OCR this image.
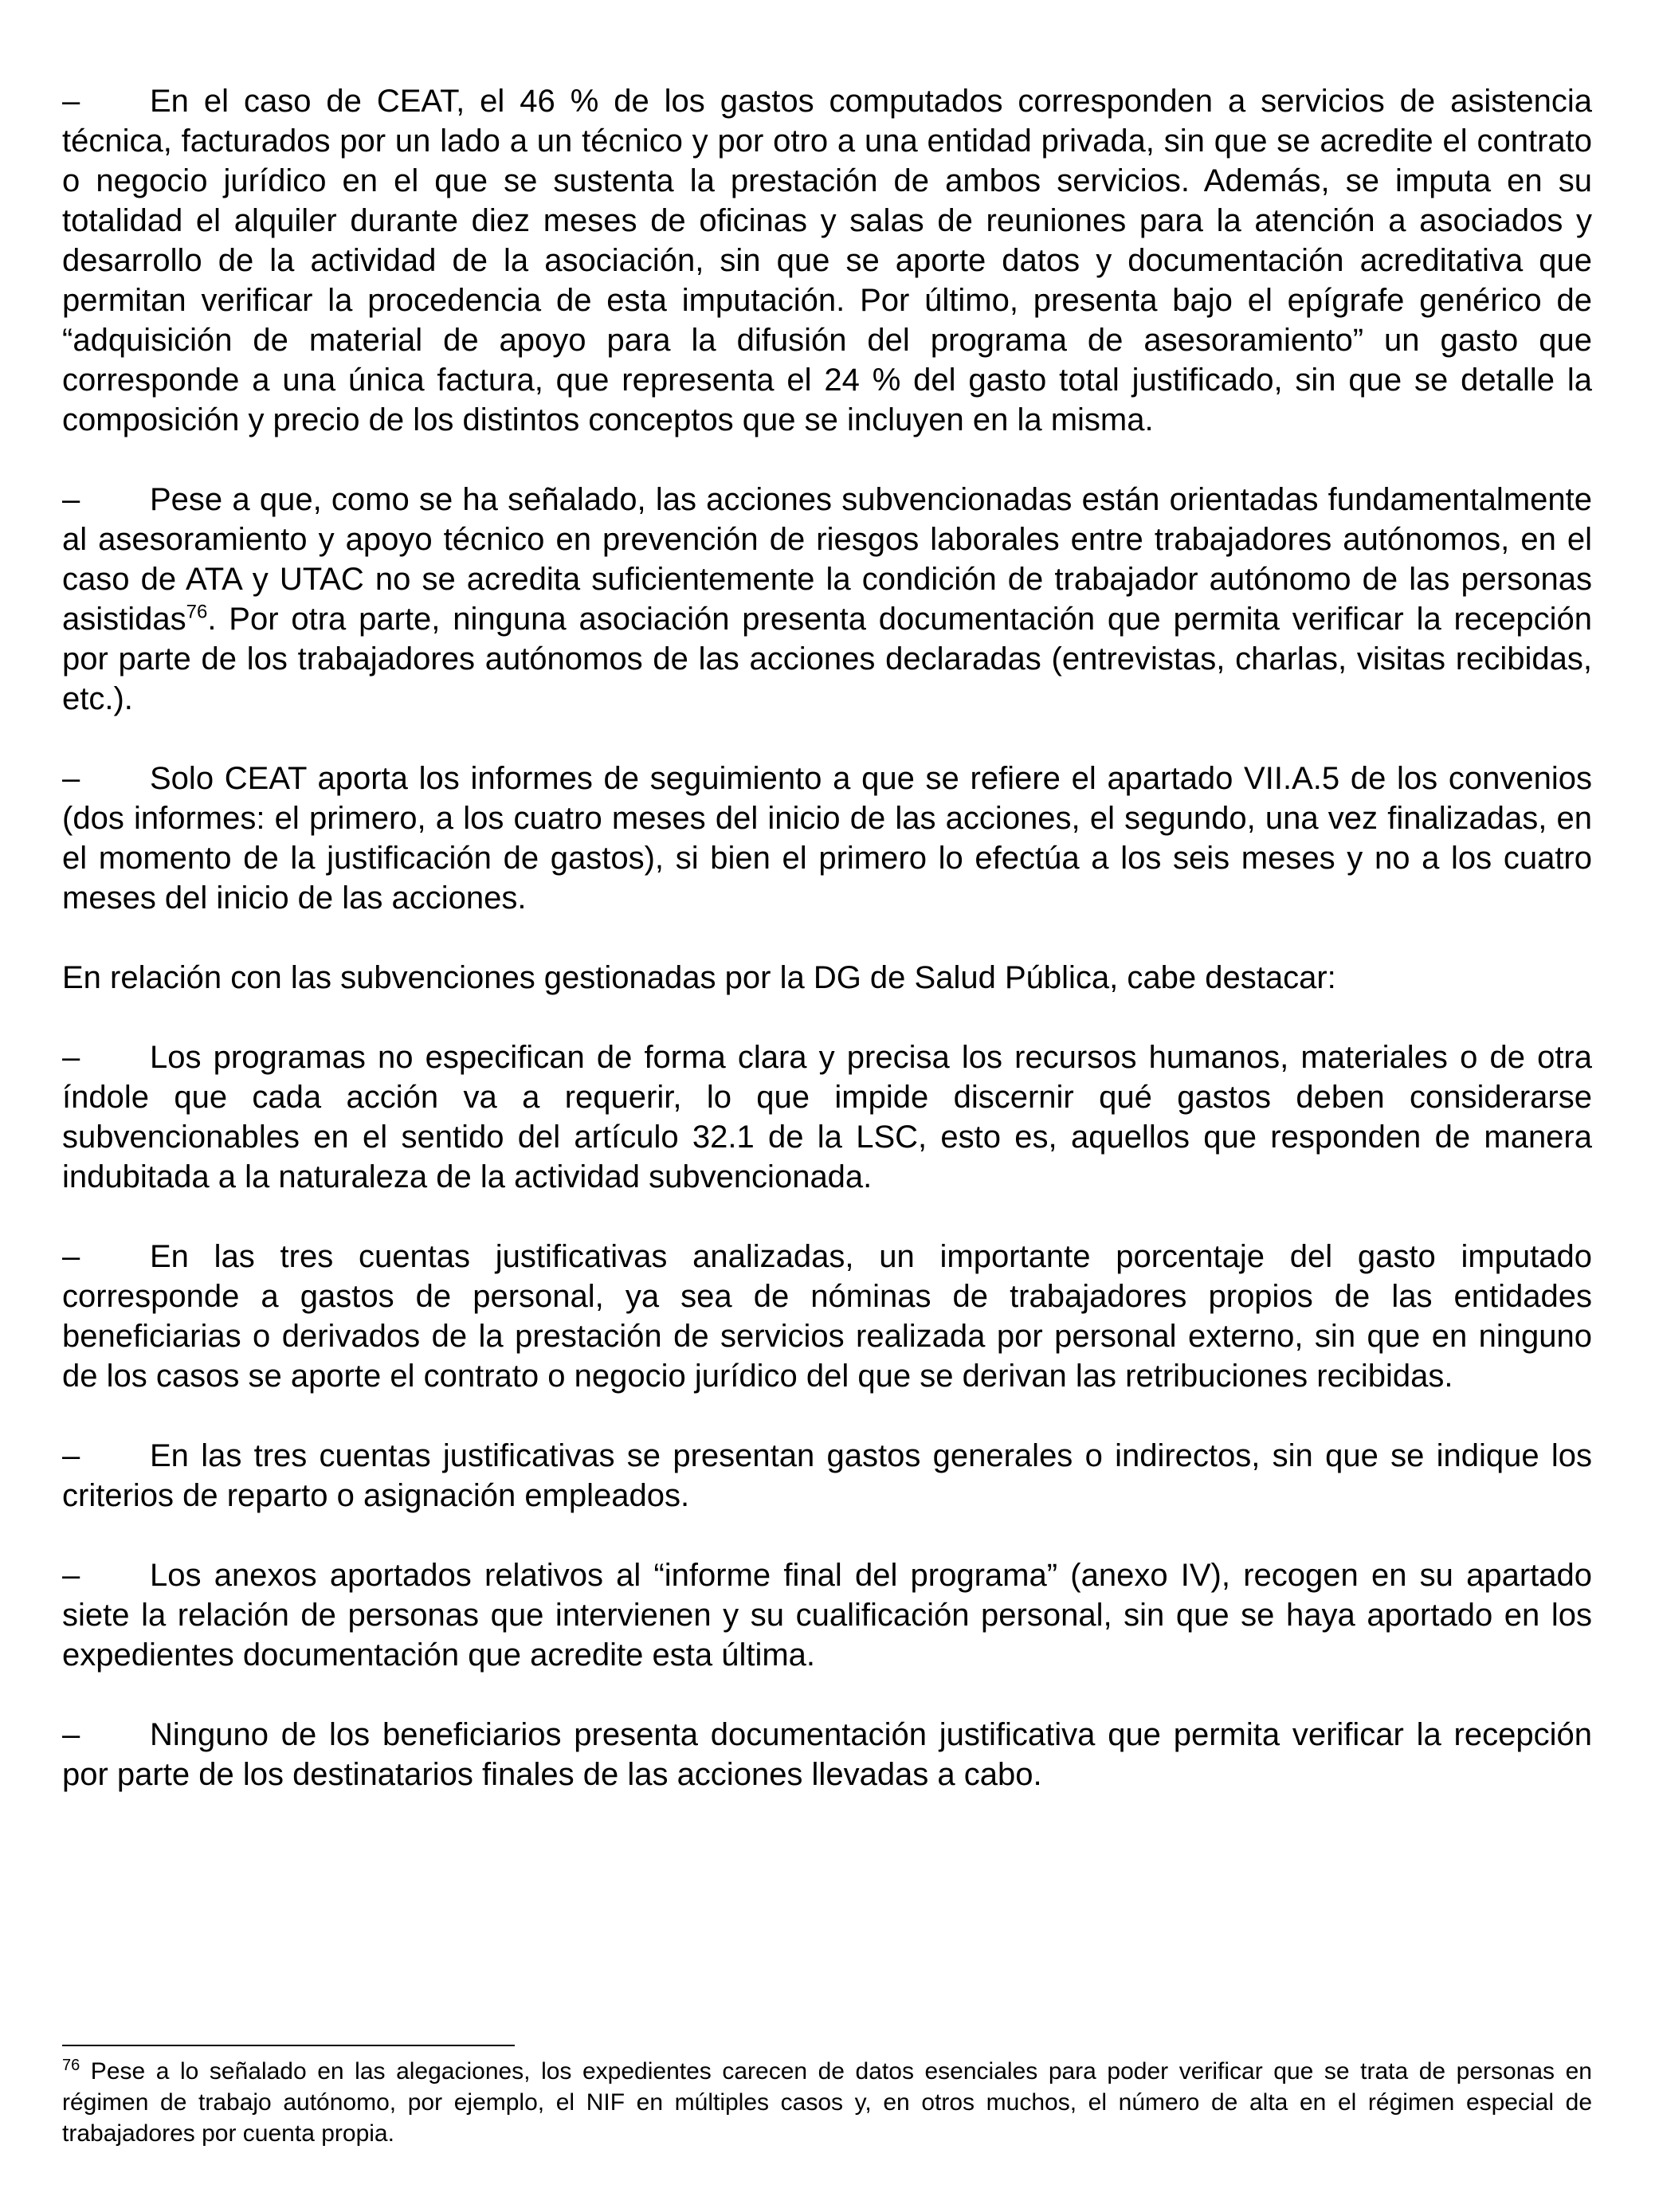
– En el caso de CEAT, el 46 % de los gastos computados corresponden a servicios de asistencia técnica, facturados por un lado a un técnico y por otro a una entidad privada, sin que se acredite el contrato o negocio jurídico en el que se sustenta la prestación de ambos servicios. Además, se imputa en su totalidad el alquiler durante diez meses de oficinas y salas de reuniones para la atención a asociados y desarrollo de la actividad de la asociación, sin que se aporte datos y documentación acreditativa que permitan verificar la procedencia de esta imputación. Por último, presenta bajo el epígrafe genérico de “adquisición de material de apoyo para la difusión del programa de asesoramiento” un gasto que corresponde a una única factura, que representa el 24 % del gasto total justificado, sin que se detalle la composición y precio de los distintos conceptos que se incluyen en la misma.

– Pese a que, como se ha señalado, las acciones subvencionadas están orientadas fundamentalmente al asesoramiento y apoyo técnico en prevención de riesgos laborales entre trabajadores autónomos, en el caso de ATA y UTAC no se acredita suficientemente la condición de trabajador autónomo de las personas asistidas$^{76}$. Por otra parte, ninguna asociación presenta documentación que permita verificar la recepción por parte de los trabajadores autónomos de las acciones declaradas (entrevistas, charlas, visitas recibidas, etc.).

– Solo CEAT aporta los informes de seguimiento a que se refiere el apartado VII.A.5 de los convenios (dos informes: el primero, a los cuatro meses del inicio de las acciones, el segundo, una vez finalizadas, en el momento de la justificación de gastos), si bien el primero lo efectúa a los seis meses y no a los cuatro meses del inicio de las acciones.

En relación con las subvenciones gestionadas por la DG de Salud Pública, cabe destacar:

– Los programas no especifican de forma clara y precisa los recursos humanos, materiales o de otra índole que cada acción va a requerir, lo que impide discernir qué gastos deben considerarse subvencionables en el sentido del artículo 32.1 de la LSC, esto es, aquellos que responden de manera indubitada a la naturaleza de la actividad subvencionada.

– En las tres cuentas justificativas analizadas, un importante porcentaje del gasto imputado corresponde a gastos de personal, ya sea de nóminas de trabajadores propios de las entidades beneficiarias o derivados de la prestación de servicios realizada por personal externo, sin que en ninguno de los casos se aporte el contrato o negocio jurídico del que se derivan las retribuciones recibidas.

– En las tres cuentas justificativas se presentan gastos generales o indirectos, sin que se indique los criterios de reparto o asignación empleados.

– Los anexos aportados relativos al “informe final del programa” (anexo IV), recogen en su apartado siete la relación de personas que intervienen y su cualificación personal, sin que se haya aportado en los expedientes documentación que acredite esta última.

– Ninguno de los beneficiarios presenta documentación justificativa que permita verificar la recepción por parte de los destinatarios finales de las acciones llevadas a cabo.

$^{76}$ Pese a lo señalado en las alegaciones, los expedientes carecen de datos esenciales para poder verificar que se trata de personas en régimen de trabajo autónomo, por ejemplo, el NIF en múltiples casos y, en otros muchos, el número de alta en el régimen especial de trabajadores por cuenta propia.
